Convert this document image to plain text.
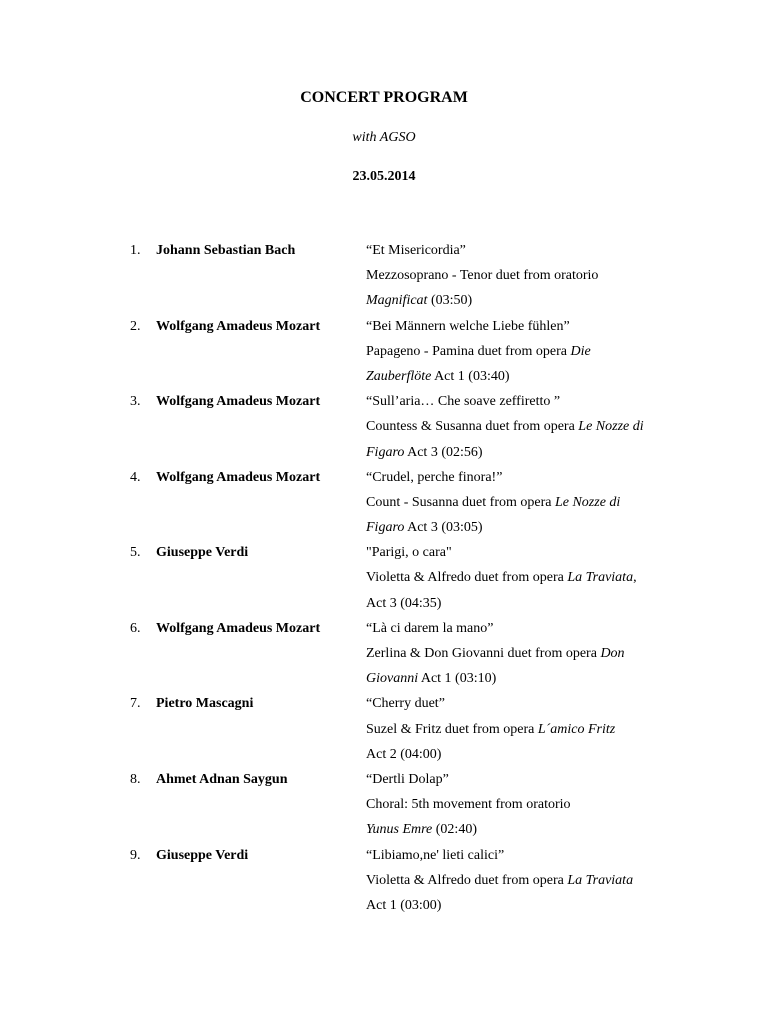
CONCERT PROGRAM
with AGSO
23.05.2014
1.	Johann Sebastian Bach	“Et Misericordia”
Mezzosoprano - Tenor duet from oratorio
Magnificat (03:50)
2.	Wolfgang Amadeus Mozart	“Bei Männern welche Liebe fühlen”
Papageno - Pamina duet from opera Die
Zauberflöte Act 1 (03:40)
3.	Wolfgang Amadeus Mozart	“Sull’aria… Che soave zeffiretto ”
Countess & Susanna duet from opera Le Nozze di
Figaro Act 3 (02:56)
4.	Wolfgang Amadeus Mozart	“Crudel, perche finora!”
Count - Susanna duet from opera Le Nozze di
Figaro Act 3 (03:05)
5.	Giuseppe Verdi	"Parigi, o cara"
Violetta & Alfredo duet from opera La Traviata,
Act 3 (04:35)
6.	Wolfgang Amadeus Mozart	“Là ci darem la mano”
Zerlina & Don Giovanni duet from opera Don
Giovanni Act 1 (03:10)
7.	Pietro Mascagni	“Cherry duet”
Suzel & Fritz duet from opera L´amico Fritz
Act 2 (04:00)
8.	Ahmet Adnan Saygun	“Dertli Dolap”
Choral: 5th movement from oratorio
Yunus Emre (02:40)
9.	Giuseppe Verdi	“Libiamo,ne' lieti calici”
Violetta & Alfredo duet from opera La Traviata
Act 1 (03:00)
